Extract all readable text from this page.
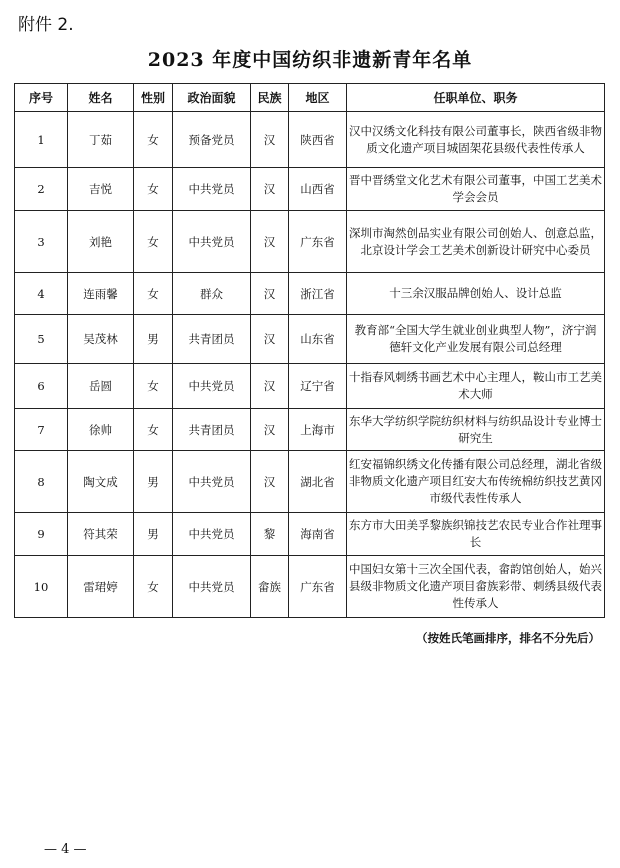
附件 2.
2023 年度中国纺织非遗新青年名单
序号	姓名	性别	政治面貌	民族	地区	任职单位、职务
1	丁茹	女	预备党员	汉	陕西省	汉中汉绣文化科技有限公司董事长，陕西省级非物质文化遗产项目城固架花县级代表性传承人
2	吉悦	女	中共党员	汉	山西省	晋中晋绣堂文化艺术有限公司董事，中国工艺美术学会会员
3	刘艳	女	中共党员	汉	广东省	深圳市淘然创品实业有限公司创始人、创意总监，北京设计学会工艺美术创新设计研究中心委员
4	连雨馨	女	群众	汉	浙江省	十三余汉服品牌创始人、设计总监
5	吴茂林	男	共青团员	汉	山东省	教育部“全国大学生就业创业典型人物”，济宁润德轩文化产业发展有限公司总经理
6	岳圆	女	中共党员	汉	辽宁省	十指春风刺绣书画艺术中心主理人，鞍山市工艺美术大师
7	徐帅	女	共青团员	汉	上海市	东华大学纺织学院纺织材料与纺织品设计专业博士研究生
8	陶文成	男	中共党员	汉	湖北省	红安福锦织绣文化传播有限公司总经理，湖北省级非物质文化遗产项目红安大布传统棉纺织技艺黄冈市级代表性传承人
9	符其荣	男	中共党员	黎	海南省	东方市大田美孚黎族织锦技艺农民专业合作社理事长
10	雷珺婷	女	中共党员	畲族	广东省	中国妇女第十三次全国代表，畲韵馆创始人，始兴县级非物质文化遗产项目畲族彩带、刺绣县级代表性传承人
（按姓氏笔画排序，排名不分先后）
— 4 —
